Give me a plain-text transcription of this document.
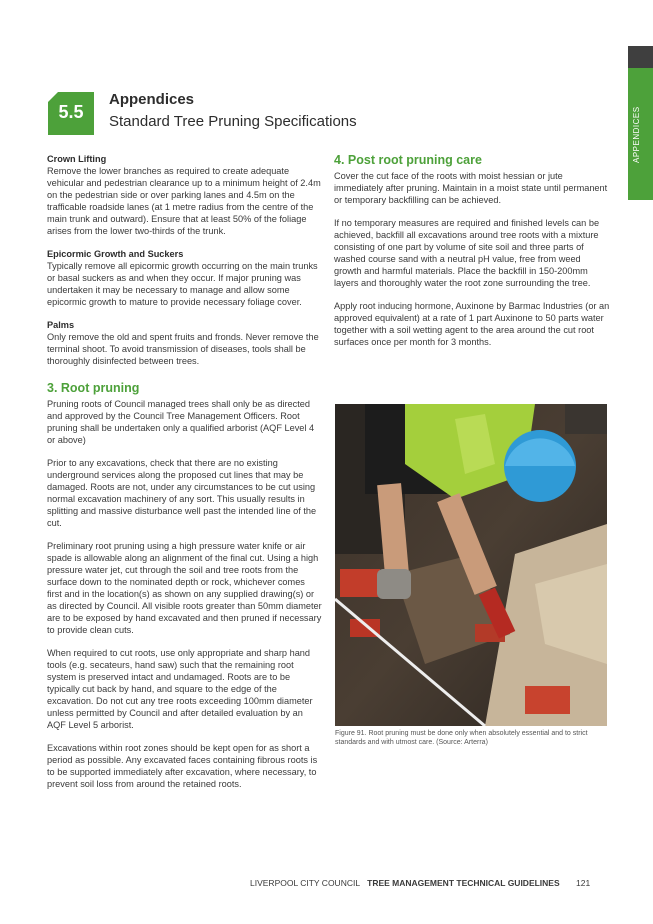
APPENDICES
5.5
Appendices
Standard Tree Pruning Specifications
Crown Lifting

Remove the lower branches as required to create adequate vehicular and pedestrian clearance up to a minimum height of 2.4m on the pedestrian side or over parking lanes and 4.5m on the trafficable roadside lanes (at 1 metre radius from the centre of the main trunk and outward). Ensure that at least 50% of the foliage arises from the lower two-thirds of the trunk.

Epicormic Growth and Suckers

Typically remove all epicormic growth occurring on the main trunks or basal suckers as and when they occur. If major pruning was undertaken it may be necessary to manage and allow some epicormic growth to mature to provide necessary foliage cover.

Palms

Only remove the old and spent fruits and fronds. Never remove the terminal shoot. To avoid transmission of diseases, tools shall be thoroughly disinfected between trees.

3. Root pruning

Pruning roots of Council managed trees shall only be as directed and approved by the Council Tree Management Officers. Root pruning shall be undertaken only a qualified arborist (AQF Level 4 or above)

Prior to any excavations, check that there are no existing underground services along the proposed cut lines that may be damaged. Roots are not, under any circumstances to be cut using normal excavation machinery of any sort. This usually results in splitting and massive disturbance well past the intended line of the cut.

Preliminary root pruning using a high pressure water knife or air spade is allowable along an alignment of the final cut. Using a high pressure water jet, cut through the soil and tree roots from the surface down to the nominated depth or rock, whichever comes first and in the location(s) as shown on any supplied drawing(s) or as directed by Council. All visible roots greater than 50mm diameter are to be exposed by hand excavated and then pruned if necessary to provide clean cuts.

When required to cut roots, use only appropriate and sharp hand tools (e.g. secateurs, hand saw) such that the remaining root system is preserved intact and undamaged. Roots are to be typically cut back by hand, and square to the edge of the excavation. Do not cut any tree roots exceeding 100mm diameter unless permitted by Council and after detailed evaluation by an AQF Level 5 arborist.

Excavations within root zones should be kept open for as short a period as possible. Any excavated faces containing fibrous roots is to be supported immediately after excavation, where necessary, to prevent soil loss from around the retained roots.

4. Post root pruning care

Cover the cut face of the roots with moist hessian or jute immediately after pruning. Maintain in a moist state until permanent or temporary backfilling can be achieved.

If no temporary measures are required and finished levels can be achieved, backfill all excavations around tree roots with a mixture consisting of one part by volume of site soil and three parts of washed course sand with a neutral pH value, free from weed growth and harmful materials. Place the backfill in 150-200mm layers and thoroughly water the root zone surrounding the tree.

Apply root inducing hormone, Auxinone by Barmac Industries (or an approved equivalent) at a rate of 1 part Auxinone to 50 parts water together with a soil wetting agent to the area around the cut root surfaces once per month for 3 months.

Figure 91. Root pruning must be done only when absolutely essential and to strict standards and with utmost care. (Source: Arterra)
LIVERPOOL CITY COUNCIL TREE MANAGEMENT TECHNICAL GUIDELINES 121
